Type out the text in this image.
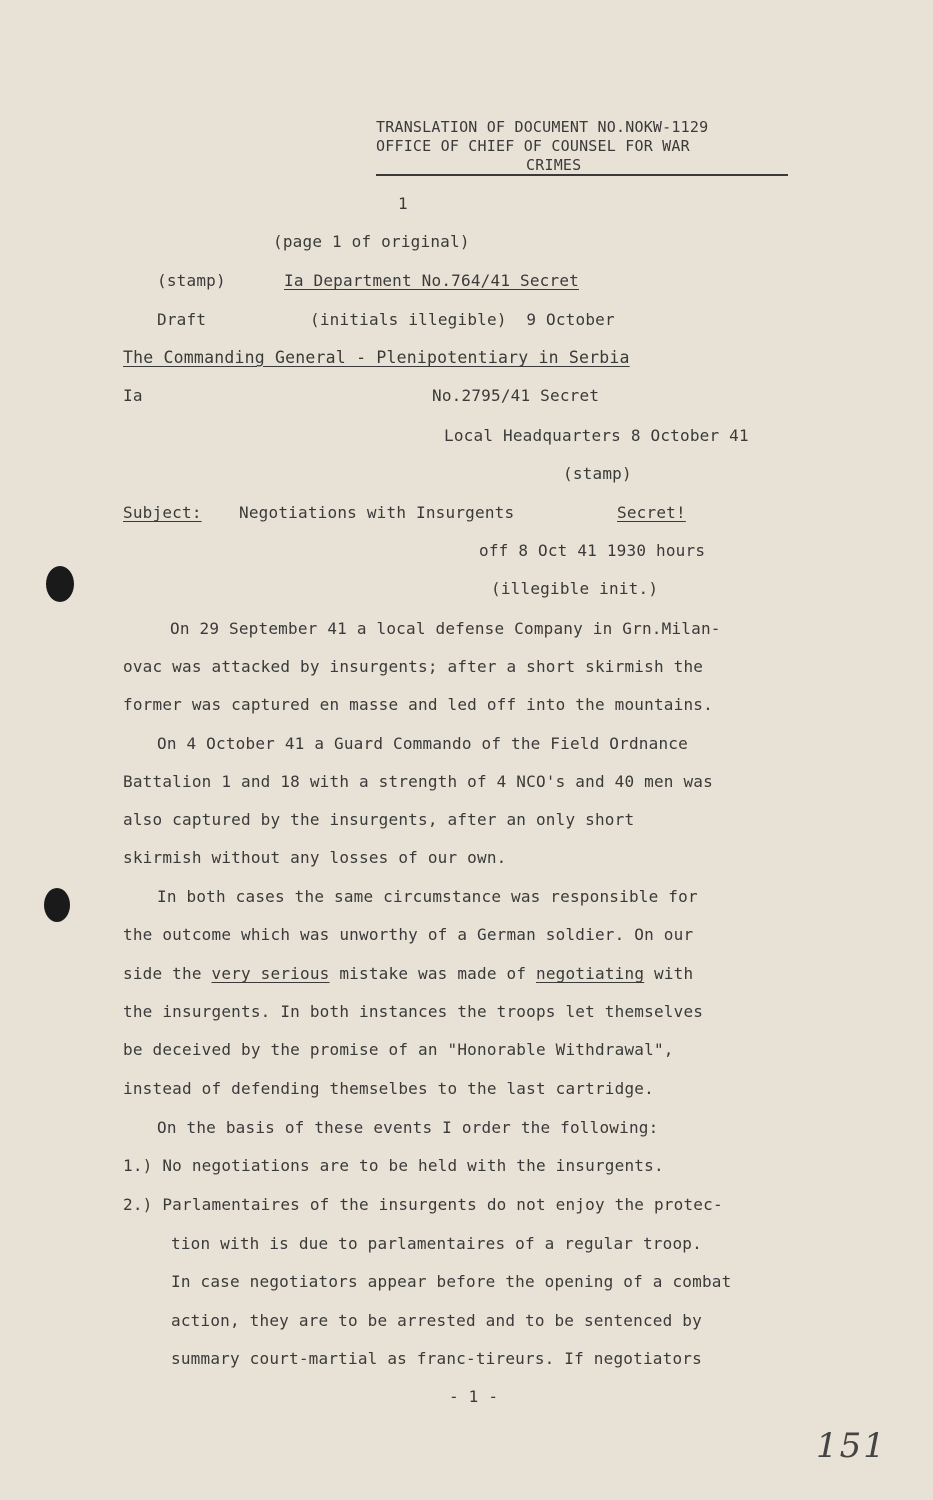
TRANSLATION OF DOCUMENT NO.NOKW-1129
OFFICE OF CHIEF OF COUNSEL FOR WAR
CRIMES
1
(page 1 of original)
(stamp)	Ia Department No.764/41 Secret
Draft	(initials illegible)  9 October
The Commanding General - Plenipotentiary in Serbia
Ia	No.2795/41 Secret
Local Headquarters 8 October 41
(stamp)
Subject: Negotiations with Insurgents	Secret!
off 8 Oct 41 1930 hours
(illegible init.)
On 29 September 41 a local defense Company in Grn.Milan-
ovac was attacked by insurgents; after a short skirmish the
former was captured en masse and led off into the mountains.
On 4 October 41 a Guard Commando of the Field Ordnance
Battalion 1 and 18 with a strength of 4 NCO's and 40 men was
also captured by the insurgents, after an only short
skirmish without any losses of our own.
In both cases the same circumstance was responsible for
the outcome which was unworthy of a German soldier. On our
side the very serious mistake was made of negotiating with
the insurgents. In both instances the troops let themselves
be deceived by the promise of an "Honorable Withdrawal",
instead of defending themselbes to the last cartridge.
On the basis of these events I order the following:
1.) No negotiations are to be held with the insurgents.
2.) Parlamentaires of the insurgents do not enjoy the protec-
tion with is due to parlamentaires of a regular troop.
In case negotiators appear before the opening of a combat
action, they are to be arrested and to be sentenced by
summary court-martial as franc-tireurs. If negotiators
- 1 -
151
